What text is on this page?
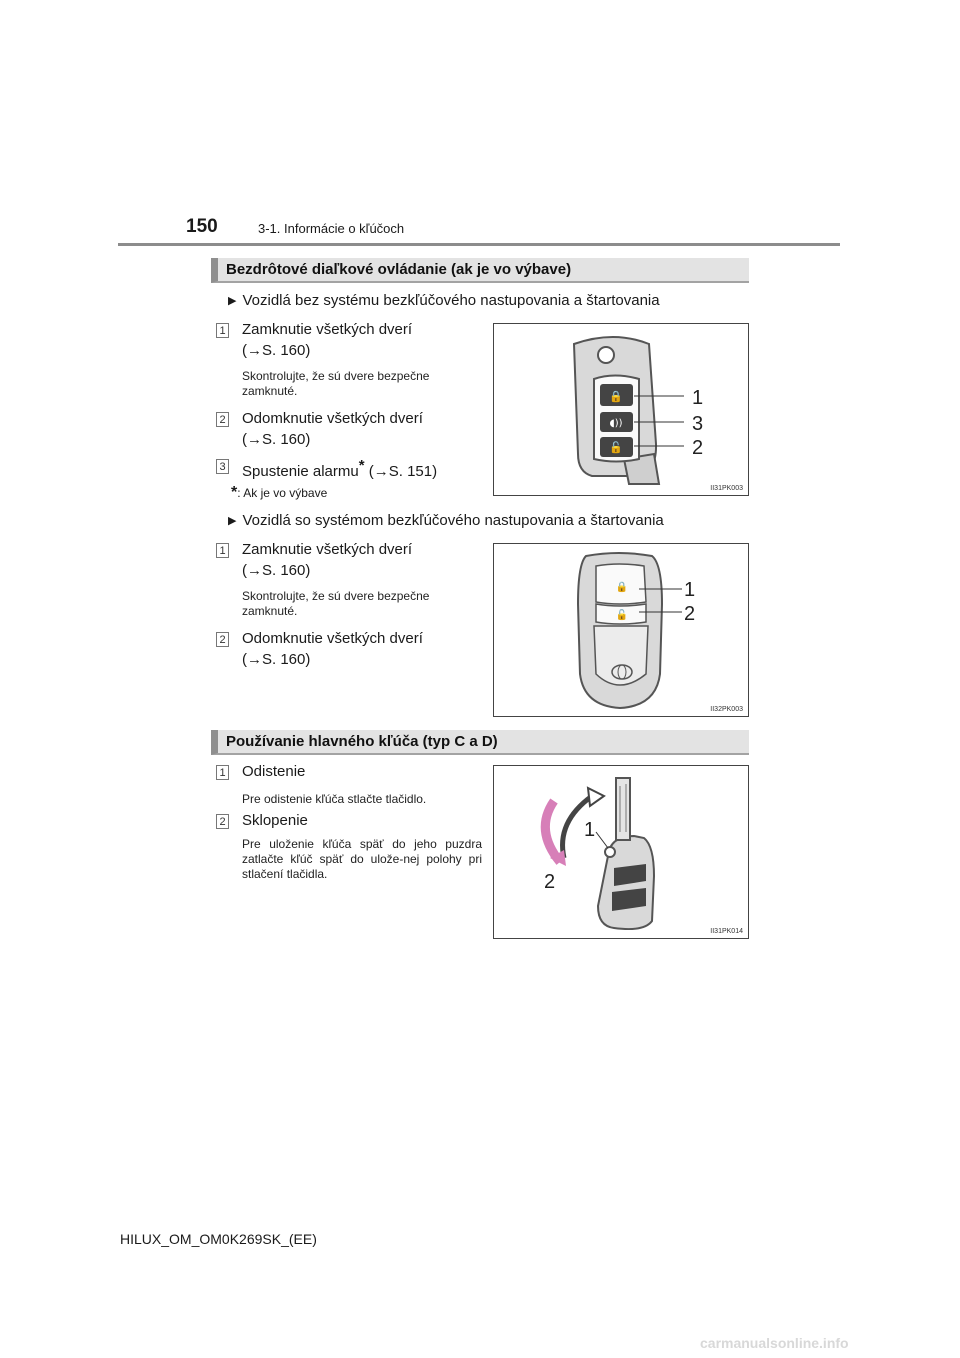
150	3-1. Informácie o kľúčoch
Bezdrôtové diaľkové ovládanie (ak je vo výbave)
▶ Vozidlá bez systému bezkľúčového nastupovania a štartovania
1 Zamknutie všetkých dverí
(→S. 160)
Skontrolujte, že sú dvere bezpečne zamknuté.
2 Odomknutie všetkých dverí
(→S. 160)
3 Spustenie alarmu* (→S. 151)
*: Ak je vo výbave
🔒
◖))
🔓
1
3
2
II31PK003
▶ Vozidlá so systémom bezkľúčového nastupovania a štartovania
1 Zamknutie všetkých dverí
(→S. 160)
Skontrolujte, že sú dvere bezpečne zamknuté.
2 Odomknutie všetkých dverí
(→S. 160)
🔒
🔓
1
2
II32PK003
Používanie hlavného kľúča (typ C a D)
1 Odistenie
Pre odistenie kľúča stlačte tlačidlo.
2 Sklopenie
Pre uloženie kľúča späť do jeho puzdra zatlačte kľúč späť do ulože-nej polohy pri stlačení tlačidla.
1
2
II31PK014
HILUX_OM_OM0K269SK_(EE)
carmanualsonline.info
